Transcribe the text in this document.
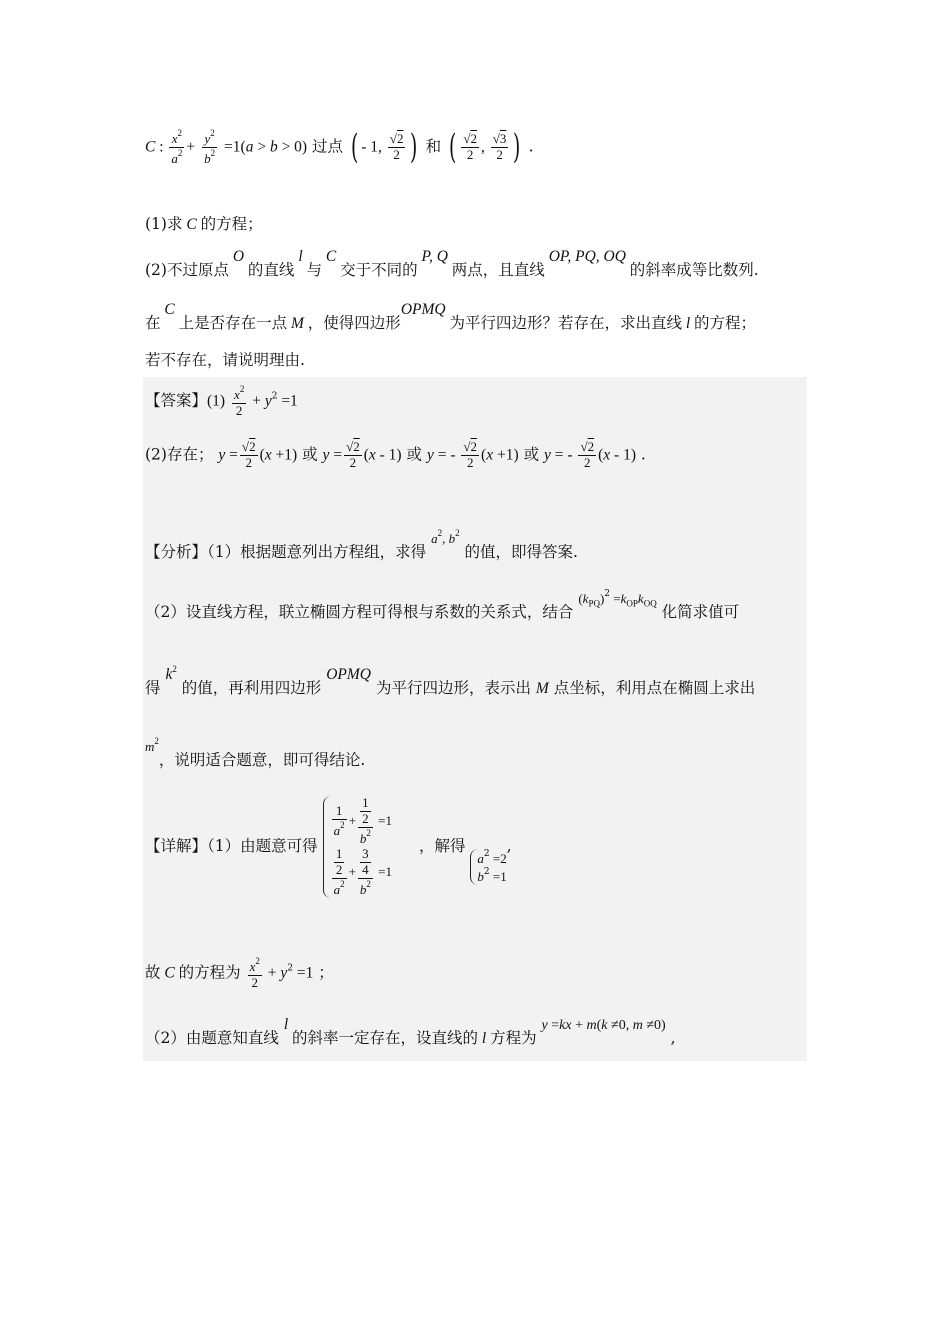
C : $\frac{x^2}{a^2} + \frac{y^2}{b^2} =1(a > b > 0)$ 过点 ( - 1, $\frac{√2}{2}$ ) 和 ( $\frac{√2}{2}$ , $\frac{√3}{2}$ ) .
(1)求 C 的方程；
(2)不过原点 O 的直线 l 与 C 交于不同的 P, Q 两点，且直线 OP, PQ, OQ 的斜率成等比数列.
在 C 上是否存在一点 M ，使得四边形OPMQ 为平行四边形？若存在，求出直线 l 的方程；
若不存在，请说明理由.
【答案】$(1) \frac{x^2}{2} + y^2 =1$
(2)存在； $y = \frac{√2}{2} (x +1)$ 或 $y = \frac{√2}{2} (x - 1)$ 或 y = - $\frac{√2}{2} (x +1)$ 或 y = - $\frac{√2}{2} (x - 1)$ .
【分析】（1）根据题意列出方程组，求得 $^{a^2, b^2}$ 的值，即得答案.
（2）设直线方程，联立椭圆方程可得根与系数的关系式，结合 $^{(k_{PQ})^2 =k_{OP}k_{OQ}}$ 化简求值可
得 $k^2$ 的值，再利用四边形 OPMQ 为平行四边形，表示出 M 点坐标，利用点在椭圆上求出
$^{m^2}$，说明适合题意，即可得结论.
【详解】（1）由题意可得
$\frac{1}{a^2} + \frac{\frac{1}{2}}{b^2} =1$
$\frac{\frac{1}{2}}{a^2} + \frac{\frac{3}{4}}{b^2} =1$
，解得
$a^2 =2$
$b^2 =1$
,
故 C 的方程为 $\frac{x^2}{2} + y^2 =1$ ；
（2）由题意知直线 l 的斜率一定存在，设直线的 l 方程为 y =kx + m(k ≠0, m ≠0) ,
